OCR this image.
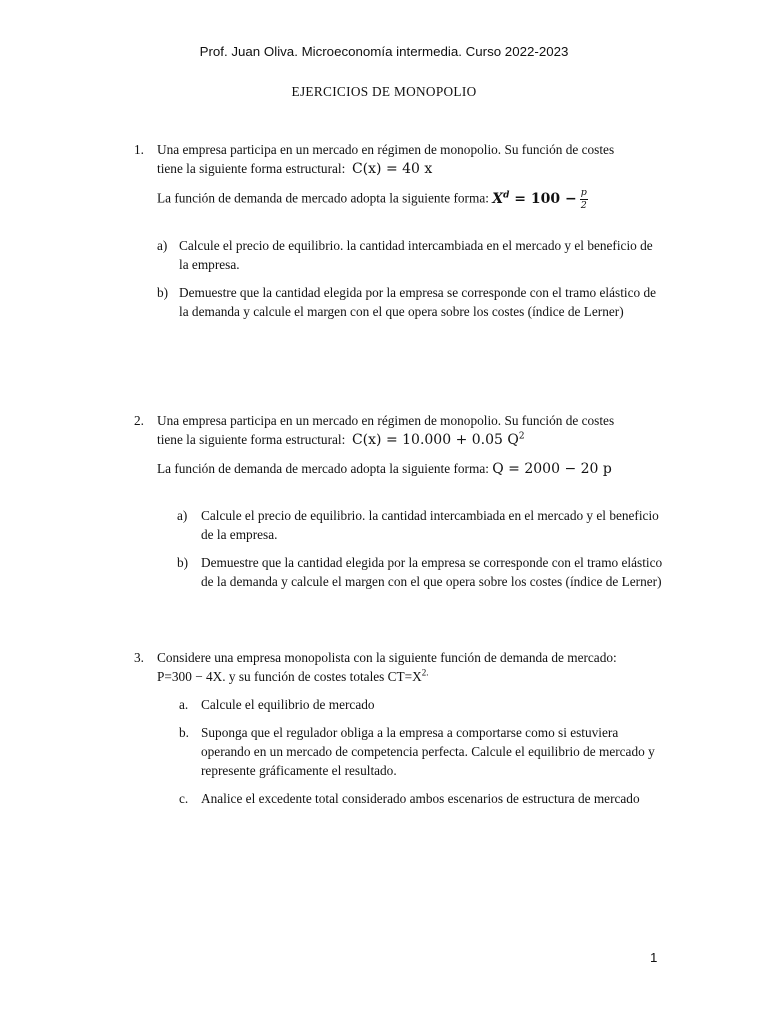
Prof. Juan Oliva. Microeconomía intermedia. Curso 2022-2023
EJERCICIOS DE MONOPOLIO
1. Una empresa participa en un mercado en régimen de monopolio. Su función de costes
tiene la siguiente forma estructural: C(x) = 40 x
La función de demanda de mercado adopta la siguiente forma: $X^d = 100 - \frac{p}{2}$
a) Calcule el precio de equilibrio. la cantidad intercambiada en el mercado y el beneficio de la empresa.
b) Demuestre que la cantidad elegida por la empresa se corresponde con el tramo elástico de la demanda y calcule el margen con el que opera sobre los costes (índice de Lerner)
2. Una empresa participa en un mercado en régimen de monopolio. Su función de costes
tiene la siguiente forma estructural: C(x) = 10.000 + 0.05 $Q^2$
La función de demanda de mercado adopta la siguiente forma: Q = 2000 − 20 p
a) Calcule el precio de equilibrio. la cantidad intercambiada en el mercado y el beneficio de la empresa.
b) Demuestre que la cantidad elegida por la empresa se corresponde con el tramo elástico de la demanda y calcule el margen con el que opera sobre los costes (índice de Lerner)
3. Considere una empresa monopolista con la siguiente función de demanda de mercado:
P=300 − 4X. y su función de costes totales $CT=X^{2.}$
a. Calcule el equilibrio de mercado
b. Suponga que el regulador obliga a la empresa a comportarse como si estuviera operando en un mercado de competencia perfecta. Calcule el equilibrio de mercado y represente gráficamente el resultado.
c. Analice el excedente total considerado ambos escenarios de estructura de mercado
1
